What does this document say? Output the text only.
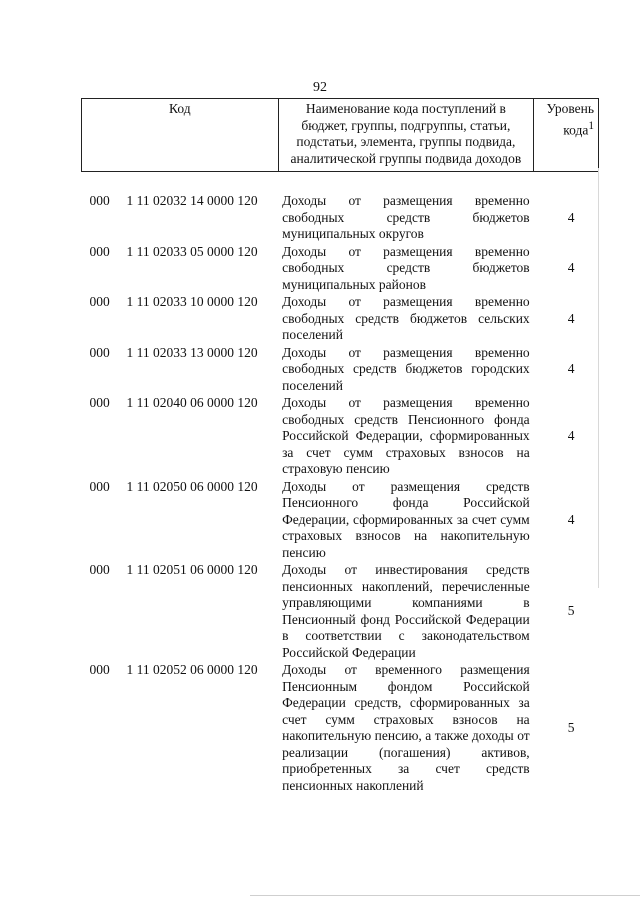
92
Код	Наименование кода поступлений в бюджет, группы, подгруппы, статьи, подстатьи, элемента, группы подвида, аналитической группы подвида доходов	Уровень кода$^1$

000 1 11 02032 14 0000 120	Доходы от размещения временно свободных средств бюджетов муниципальных округов	4
000 1 11 02033 05 0000 120	Доходы от размещения временно свободных средств бюджетов муниципальных районов	4
000 1 11 02033 10 0000 120	Доходы от размещения временно свободных средств бюджетов сельских поселений	4
000 1 11 02033 13 0000 120	Доходы от размещения временно свободных средств бюджетов городских поселений	4
000 1 11 02040 06 0000 120	Доходы от размещения временно свободных средств Пенсионного фонда Российской Федерации, сформированных за счет сумм страховых взносов на страховую пенсию	4
000 1 11 02050 06 0000 120	Доходы от размещения средств Пенсионного фонда Российской Федерации, сформированных за счет сумм страховых взносов на накопительную пенсию	4
000 1 11 02051 06 0000 120	Доходы от инвестирования средств пенсионных накоплений, перечисленные управляющими компаниями в Пенсионный фонд Российской Федерации в соответствии с законодательством Российской Федерации	5
000 1 11 02052 06 0000 120	Доходы от временного размещения Пенсионным фондом Российской Федерации средств, сформированных за счет сумм страховых взносов на накопительную пенсию, а также доходы от реализации (погашения) активов, приобретенных за счет средств пенсионных накоплений	5
